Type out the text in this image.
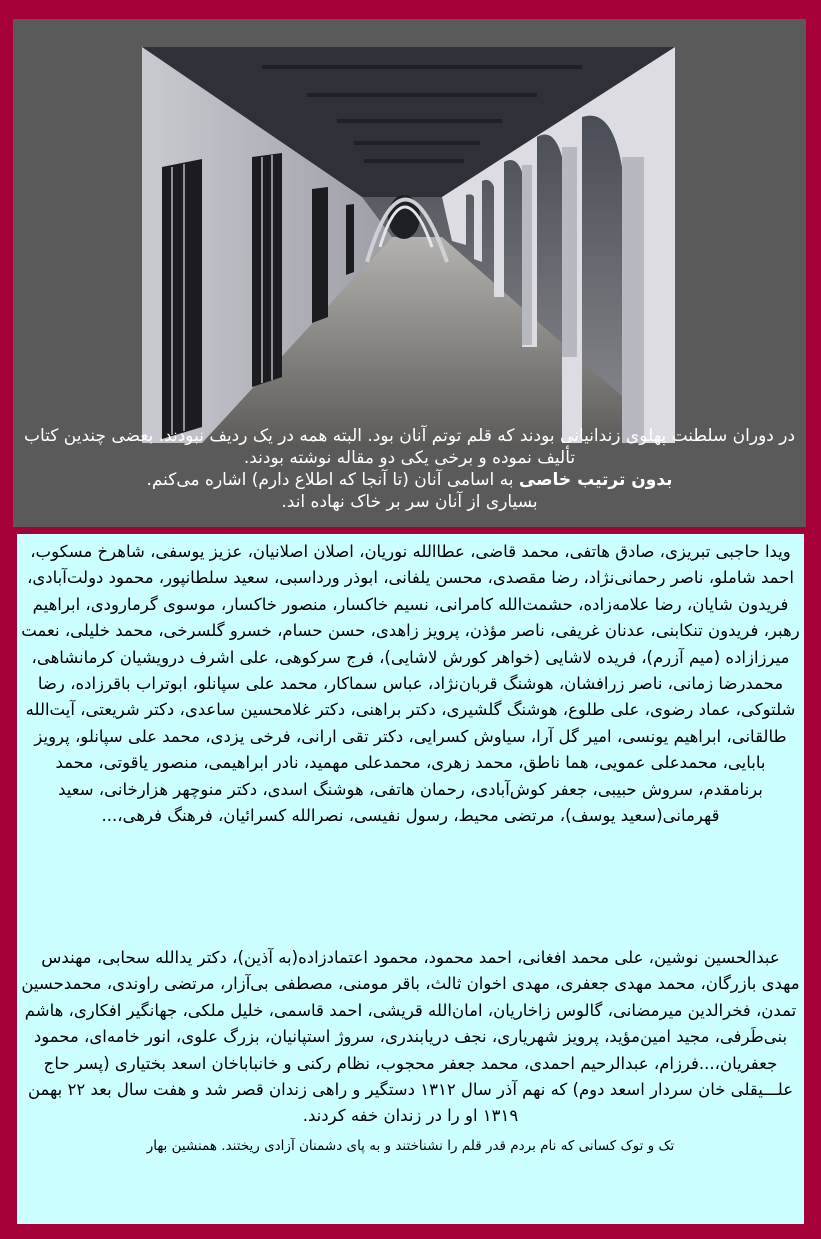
در دوران سلطنت پهلوی زندانیانی بودند که قلم توتم آنان بود. البته همه در یک ردیف نبودند. بعضی چندین کتاب تألیف نموده و برخی یکی دو مقاله نوشته بودند.

بدون ترتیب خاصی به اسامی آنان (تا آنجا که اطلاع دارم) اشاره می‌کنم.

بسیاری از آنان سر بر خاک نهاده اند.

ویدا حاجبی تبریزی، صادق هاتفی، محمد قاضی، عطاالله نوریان، اصلان اصلانیان، عزیز یوسفی، شاهرخ مسکوب، احمد شاملو، ناصر رحمانی‌نژاد، رضا مقصدی، محسن یلفانی، ابوذر ورداسبی، سعید سلطانپور، محمود دولت‌آبادی، فریدون شایان، رضا علامه‌زاده، حشمت‌الله کامرانی، نسیم خاکسار، منصور خاکسار، موسوی گرمارودی، ابراهیم رهبر، فریدون تنکابنی، عدنان غریفی، ناصر مؤذن، پرویز زاهدی، حسن حسام، خسرو گلسرخی، محمد خلیلی، نعمت میرزازاده (میم آزرم)، فریده لاشایی (خواهر کورش لاشایی)، فرج سرکوهی، علی اشرف درویشیان کرمانشاهی، محمدرضا زمانی، ناصر زرافشان، هوشنگ قربان‌نژاد، عباس سماکار، محمد علی سپانلو، ابوتراب باقرزاده، رضا شلتوکی، عماد رضوی، علی طلوع، هوشنگ گلشیری، دکتر براهنی، دکتر غلامحسین ساعدی، دکتر شریعتی، آیت‌الله طالقانی، ابراهیم یونسی، امیر گل آرا، سیاوش کسرایی، دکتر تقی ارانی، فرخی یزدی، محمد علی سپانلو، پرویز بابایی، محمدعلی عمویی، هما ناطق، محمد زهری، محمدعلی مهمید، نادر ابراهیمی، منصور یاقوتی، محمد برنامقدم، سروش حبیبی، جعفر کوش‌آبادی، رحمان هاتفی، هوشنگ اسدی، دکتر منوچهر هزارخانی، سعید قهرمانی(سعید یوسف)، مرتضی محیط، رسول نفیسی، نصرالله کسرائیان، فرهنگ فرهی،...

عبدالحسین نوشین، علی محمد افغانی، احمد محمود، محمود اعتمادزاده(به آذین)، دکتر یدالله سحابی، مهندس مهدی بازرگان، محمد مهدی جعفری، مهدی اخوان ثالث، باقر مومنی، مصطفی بی‌آزار، مرتضی راوندی، محمدحسین تمدن، فخرالدین میرمضانی، گالوس زاخاریان، امان‌الله قریشی، احمد قاسمی، خلیل ملکی، جهانگیر افکاری، هاشم بنی‌طَرفی، مجید امین‌مؤید، پرویز شهریاری، نجف دریابندری، سروژ استپانیان، بزرگ علوی، انور خامه‌ای، محمود جعفریان،...فرزام، عبدالرحیم احمدی، محمد جعفر محجوب، نظام رکنی و خانباباخان اسعد بختیاری (پسر حاج علـــیقلی خان سردار اسعد دوم) که نهم آذر سال ۱۳۱۲ دستگیر و راهی زندان قصر شد و هفت سال بعد ۲۲ بهمن ۱۳۱۹ او را در زندان خفه کردند.

تک و توک کسانی که نام بردم قدر قلم را نشناختند و به پای دشمنان آزادی ریختند. همنشین بهار
